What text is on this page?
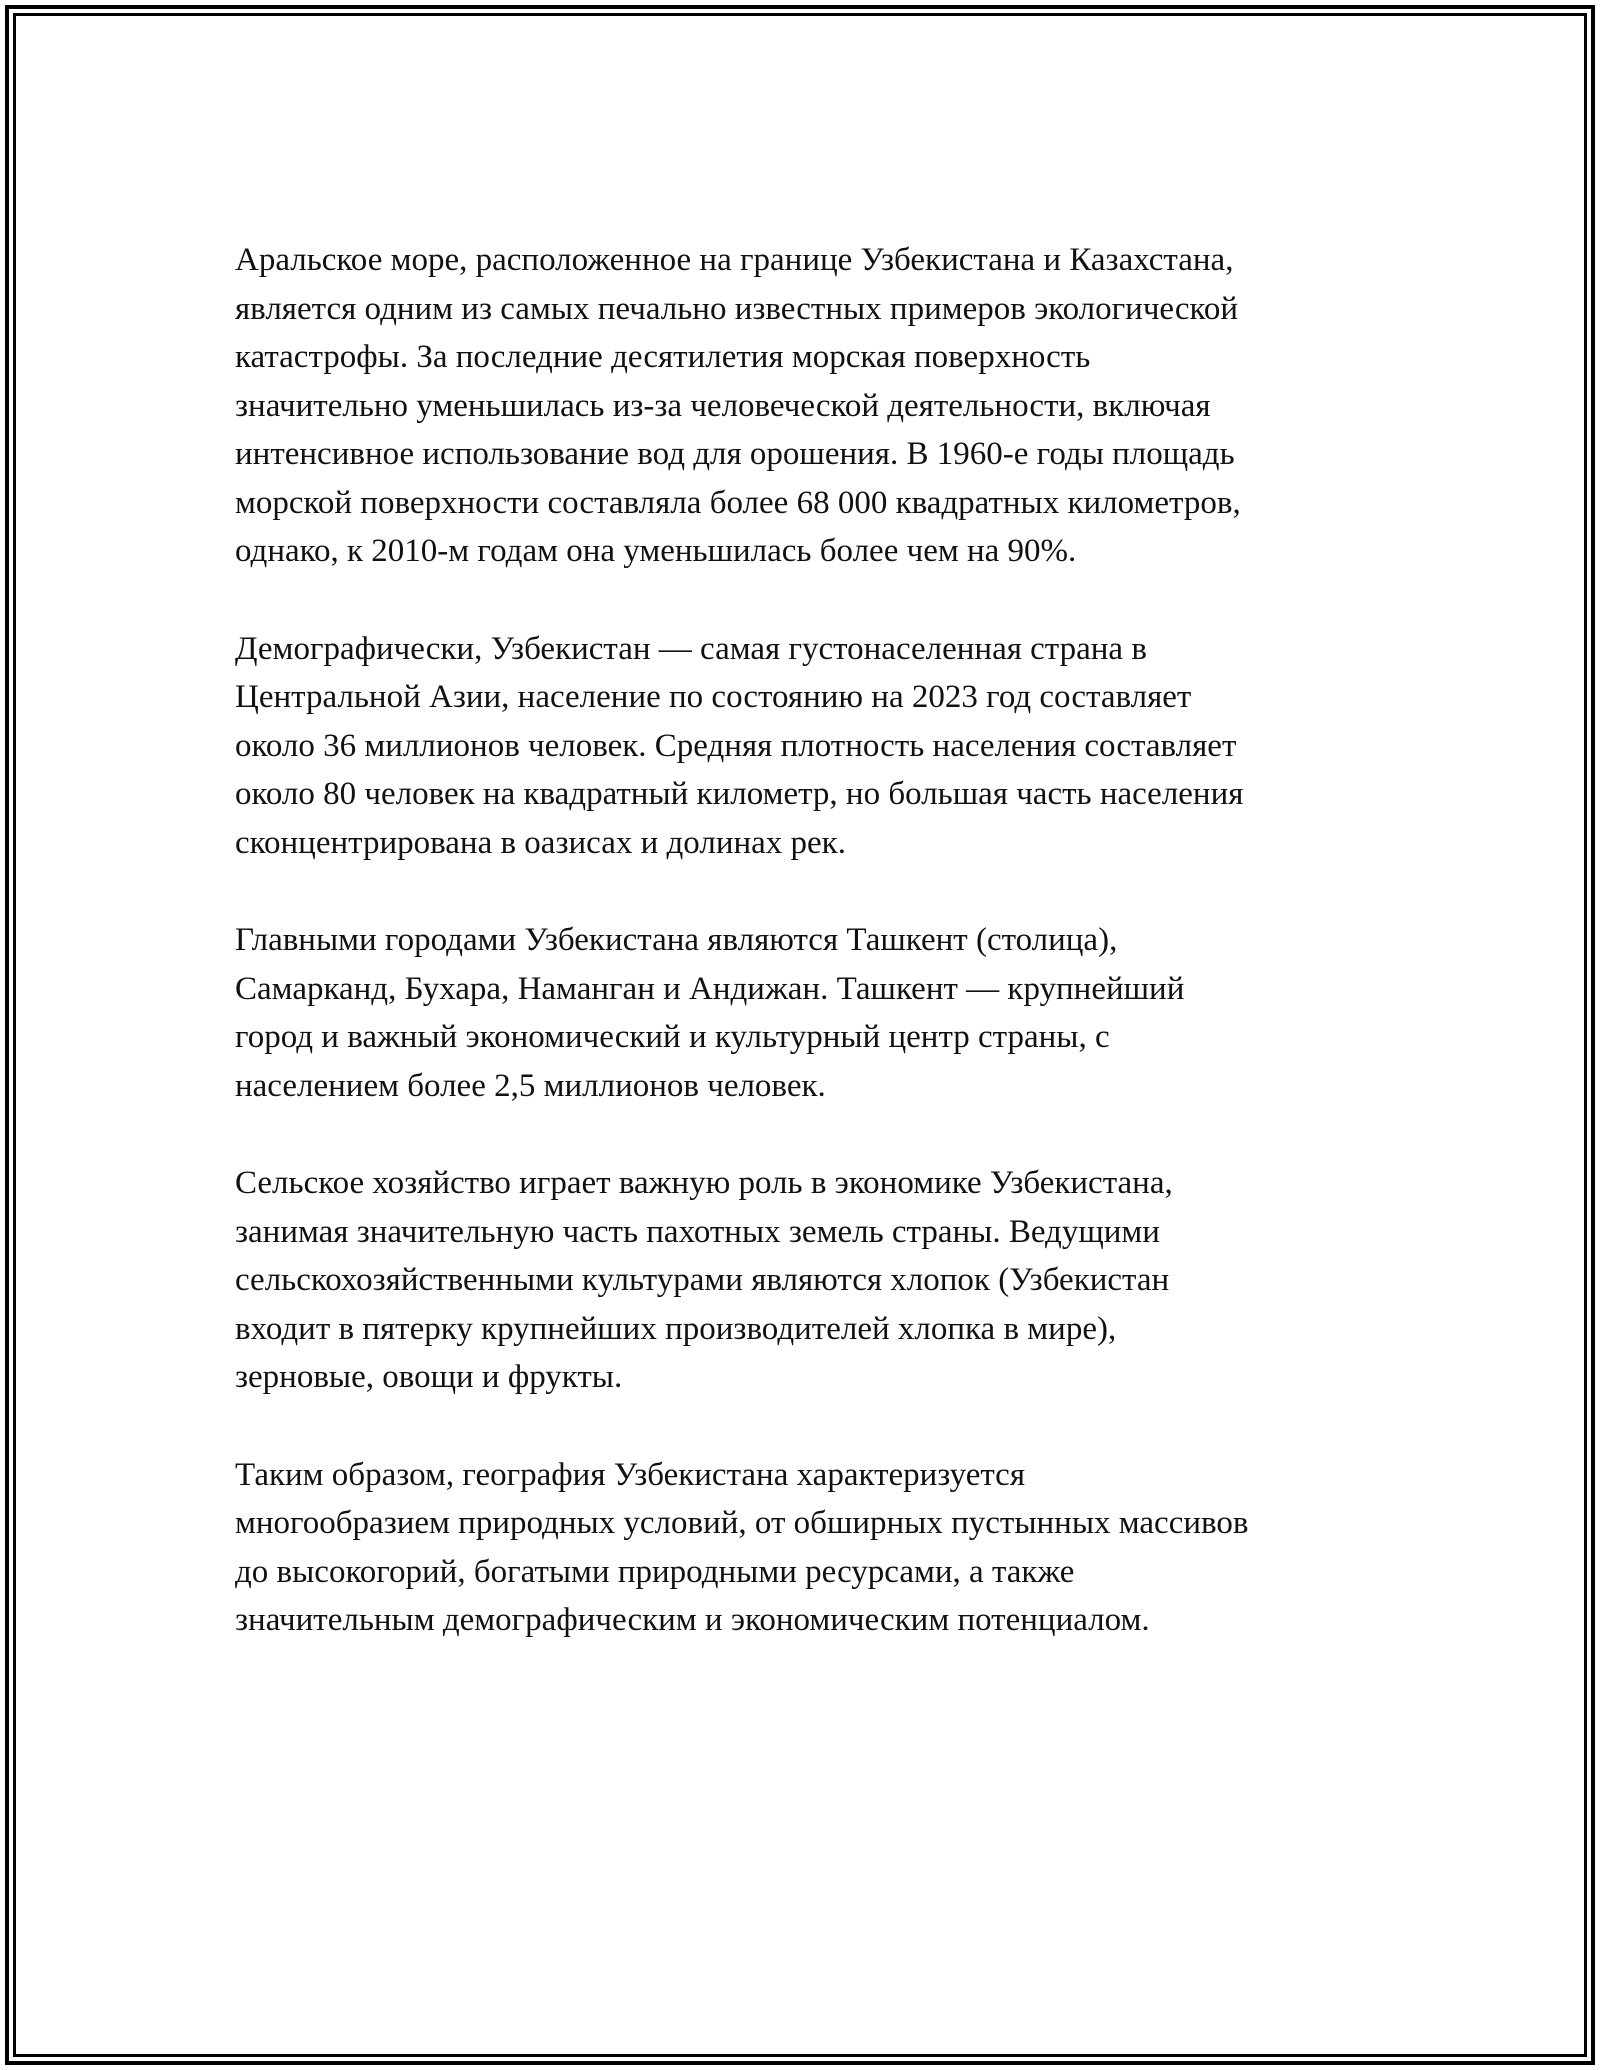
Аральское море, расположенное на границе Узбекистана и Казахстана,
является одним из самых печально известных примеров экологической
катастрофы. За последние десятилетия морская поверхность
значительно уменьшилась из-за человеческой деятельности, включая
интенсивное использование вод для орошения. В 1960-е годы площадь
морской поверхности составляла более 68 000 квадратных километров,
однако, к 2010-м годам она уменьшилась более чем на 90%.

Демографически, Узбекистан — самая густонаселенная страна в
Центральной Азии, население по состоянию на 2023 год составляет
около 36 миллионов человек. Средняя плотность населения составляет
около 80 человек на квадратный километр, но большая часть населения
сконцентрирована в оазисах и долинах рек.

Главными городами Узбекистана являются Ташкент (столица),
Самарканд, Бухара, Наманган и Андижан. Ташкент — крупнейший
город и важный экономический и культурный центр страны, с
населением более 2,5 миллионов человек.

Сельское хозяйство играет важную роль в экономике Узбекистана,
занимая значительную часть пахотных земель страны. Ведущими
сельскохозяйственными культурами являются хлопок (Узбекистан
входит в пятерку крупнейших производителей хлопка в мире),
зерновые, овощи и фрукты.

Таким образом, география Узбекистана характеризуется
многообразием природных условий, от обширных пустынных массивов
до высокогорий, богатыми природными ресурсами, а также
значительным демографическим и экономическим потенциалом.
